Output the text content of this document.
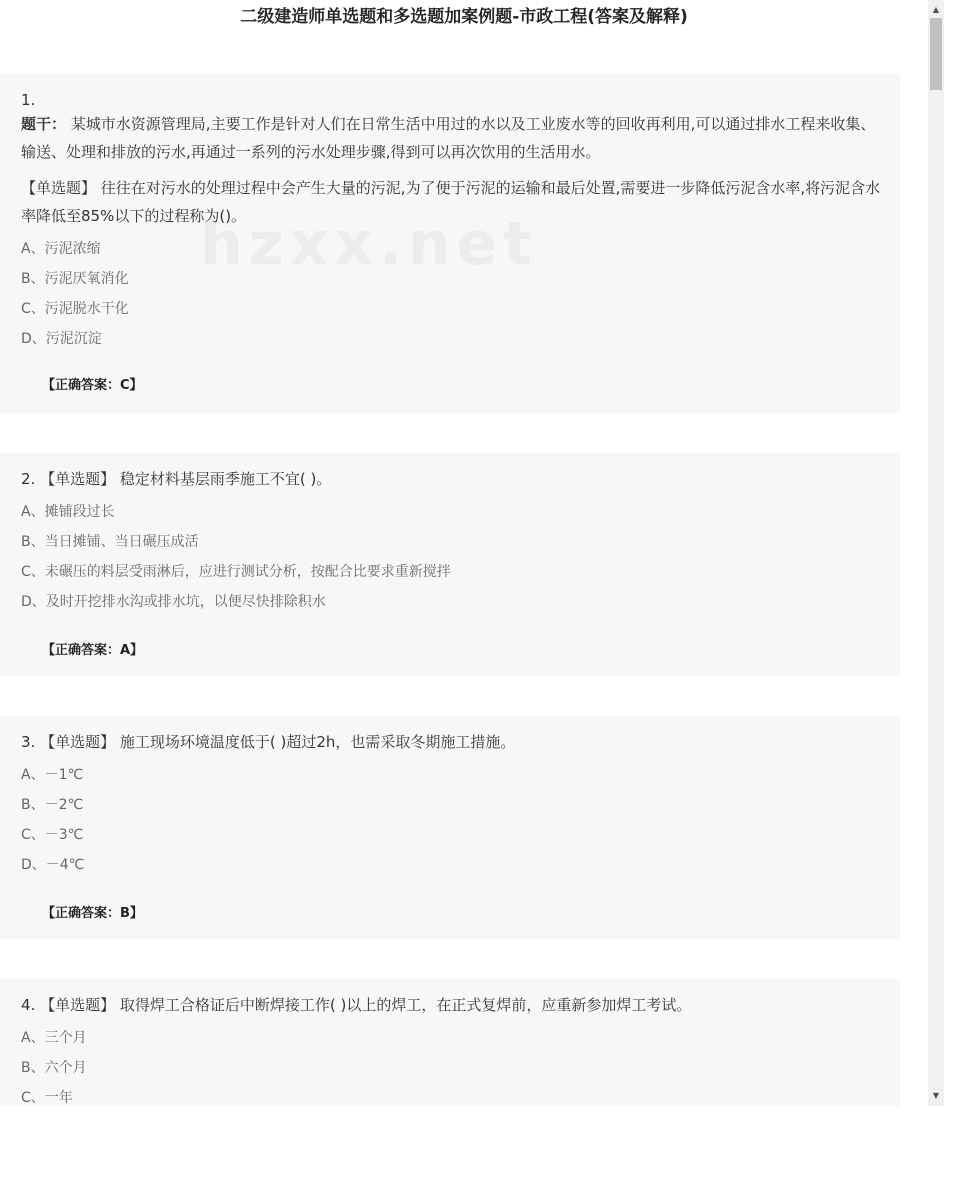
二级建造师单选题和多选题加案例题-市政工程(答案及解释)
hzxx.net
1.
题干： 某城市水资源管理局,主要工作是针对人们在日常生活中用过的水以及工业废水等的回收再利用,可以通过排水工程来收集、输送、处理和排放的污水,再通过一系列的污水处理步骤,得到可以再次饮用的生活用水。
【单选题】 往往在对污水的处理过程中会产生大量的污泥,为了便于污泥的运输和最后处置,需要进一步降低污泥含水率,将污泥含水率降低至85%以下的过程称为()。
A、污泥浓缩
B、污泥厌氧消化
C、污泥脱水干化
D、污泥沉淀
【正确答案：C】
2. 【单选题】 稳定材料基层雨季施工不宜( )。
A、摊铺段过长
B、当日摊铺、当日碾压成活
C、未碾压的料层受雨淋后，应进行测试分析，按配合比要求重新搅拌
D、及时开挖排水沟或排水坑，以便尽快排除积水
【正确答案：A】
3. 【单选题】 施工现场环境温度低于( )超过2h，也需采取冬期施工措施。
A、－1℃
B、－2℃
C、－3℃
D、－4℃
【正确答案：B】
4. 【单选题】 取得焊工合格证后中断焊接工作( )以上的焊工，在正式复焊前，应重新参加焊工考试。
A、三个月
B、六个月
C、一年
▲
▼
